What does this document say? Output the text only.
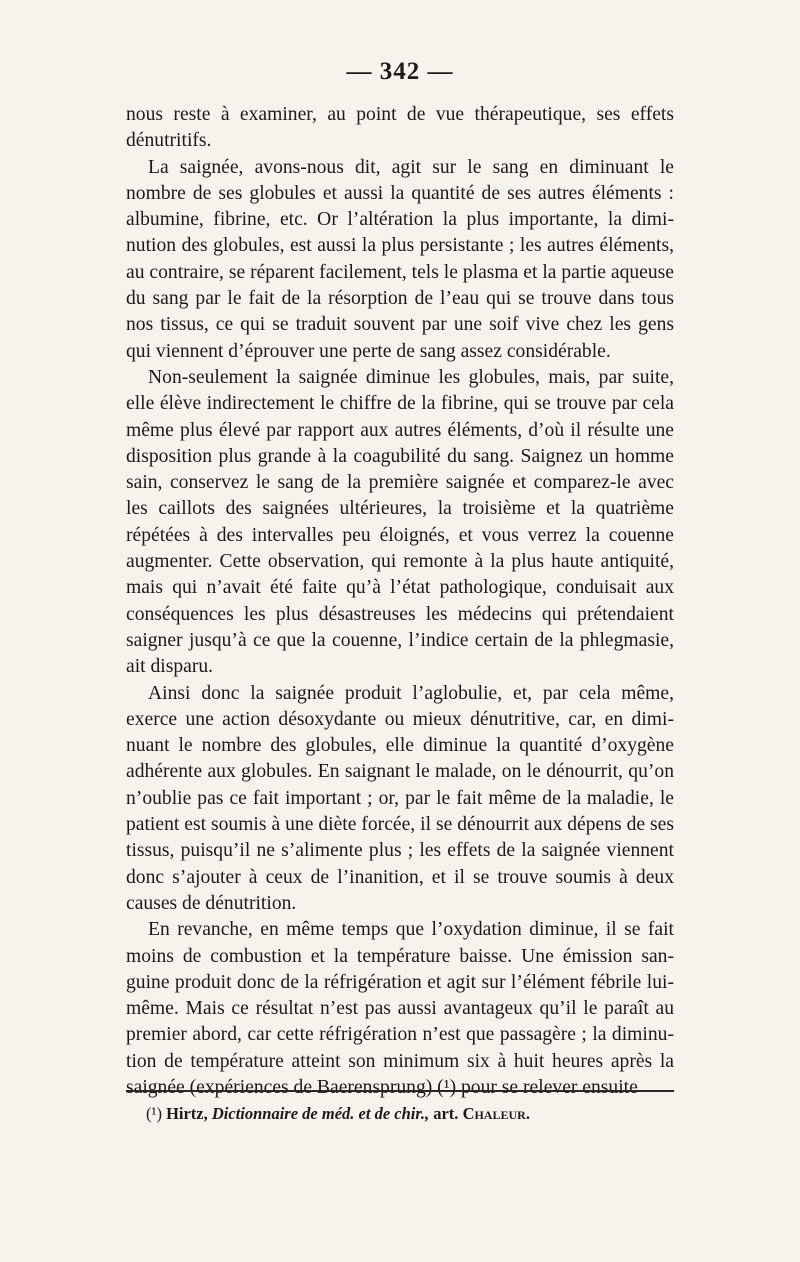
— 342 —

nous reste à examiner, au point de vue thérapeutique, ses effets dénutritifs.

La saignée, avons-nous dit, agit sur le sang en diminuant le nombre de ses globules et aussi la quantité de ses autres éléments : albumine, fibrine, etc. Or l’altération la plus importante, la diminution des globules, est aussi la plus persistante ; les autres éléments, au contraire, se réparent facilement, tels le plasma et la partie aqueuse du sang par le fait de la résorption de l’eau qui se trouve dans tous nos tissus, ce qui se traduit souvent par une soif vive chez les gens qui viennent d’éprouver une perte de sang assez considérable.

Non-seulement la saignée diminue les globules, mais, par suite, elle élève indirectement le chiffre de la fibrine, qui se trouve par cela même plus élevé par rapport aux autres éléments, d’où il résulte une disposition plus grande à la coagubilité du sang. Saignez un homme sain, conservez le sang de la première saignée et comparez-le avec les caillots des saignées ultérieures, la troisième et la quatrième répétées à des intervalles peu éloignés, et vous verrez la couenne augmenter. Cette observation, qui remonte à la plus haute antiquité, mais qui n’avait été faite qu’à l’état pathologique, conduisait aux conséquences les plus désastreuses les médecins qui prétendaient saigner jusqu’à ce que la couenne, l’indice certain de la phlegmasie, ait disparu.

Ainsi donc la saignée produit l’aglobulie, et, par cela même, exerce une action désoxydante ou mieux dénutritive, car, en diminuant le nombre des globules, elle diminue la quantité d’oxygène adhérente aux globules. En saignant le malade, on le dénourrit, qu’on n’oublie pas ce fait important ; or, par le fait même de la maladie, le patient est soumis à une diète forcée, il se dénourrit aux dépens de ses tissus, puisqu’il ne s’alimente plus ; les effets de la saignée viennent donc s’ajouter à ceux de l’inanition, et il se trouve soumis à deux causes de dénutrition.

En revanche, en même temps que l’oxydation diminue, il se fait moins de combustion et la température baisse. Une émission sanguine produit donc de la réfrigération et agit sur l’élément fébrile lui-même. Mais ce résultat n’est pas aussi avantageux qu’il le paraît au premier abord, car cette réfrigération n’est que passagère ; la diminution de température atteint son minimum six à huit heures après la saignée (expériences de Baerensprung) (¹) pour se relever ensuite

(¹) Hirtz, Dictionnaire de méd. et de chir., art. Chaleur.
